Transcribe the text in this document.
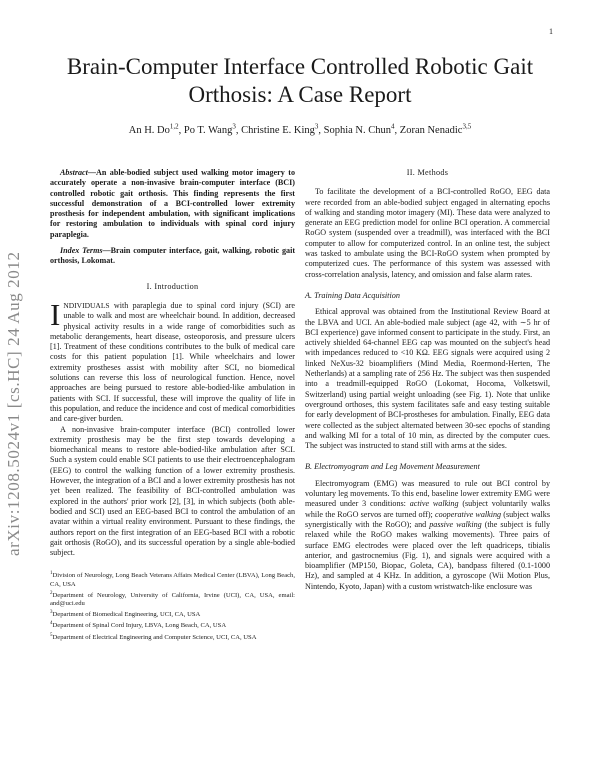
1
arXiv:1208.5024v1 [cs.HC] 24 Aug 2012
Brain-Computer Interface Controlled Robotic Gait
Orthosis: A Case Report
An H. Do$^{1,2}$, Po T. Wang$^3$, Christine E. King$^3$, Sophia N. Chun$^4$, Zoran Nenadic$^{3,5}$

Abstract—An able-bodied subject used walking motor imagery to accurately operate a non-invasive brain-computer interface (BCI) controlled robotic gait orthosis. This finding represents the first successful demonstration of a BCI-controlled lower extremity prosthesis for independent ambulation, with significant implications for restoring ambulation to individuals with spinal cord injury paraplegia.

Index Terms—Brain computer interface, gait, walking, robotic gait orthosis, Lokomat.

I. Introduction

INDIVIDUALS with paraplegia due to spinal cord injury (SCI) are unable to walk and most are wheelchair bound. In addition, decreased physical activity results in a wide range of comorbidities such as metabolic derangements, heart disease, osteoporosis, and pressure ulcers [1]. Treatment of these conditions contributes to the bulk of medical care costs for this patient population [1]. While wheelchairs and lower extremity prostheses assist with mobility after SCI, no biomedical solutions can reverse this loss of neurological function. Hence, novel approaches are being pursued to restore able-bodied-like ambulation in patients with SCI. If successful, these will improve the quality of life in this population, and reduce the incidence and cost of medical comorbidities and care-giver burden.

A non-invasive brain-computer interface (BCI) controlled lower extremity prosthesis may be the first step towards developing a biomechanical means to restore able-bodied-like ambulation after SCI. Such a system could enable SCI patients to use their electroencephalogram (EEG) to control the walking function of a lower extremity prosthesis. However, the integration of a BCI and a lower extremity prosthesis has not yet been realized. The feasibility of BCI-controlled ambulation was explored in the authors' prior work [2], [3], in which subjects (both able-bodied and SCI) used an EEG-based BCI to control the ambulation of an avatar within a virtual reality environment. Pursuant to these findings, the authors report on the first integration of an EEG-based BCI with a robotic gait orthosis (RoGO), and its successful operation by a single able-bodied subject.

$^1$Division of Neurology, Long Beach Veterans Affairs Medical Center (LBVA), Long Beach, CA, USA

$^2$Department of Neurology, University of California, Irvine (UCI), CA, USA, email: and@uci.edu

$^3$Department of Biomedical Engineering, UCI, CA, USA

$^4$Department of Spinal Cord Injury, LBVA, Long Beach, CA, USA

$^5$Department of Electrical Engineering and Computer Science, UCI, CA, USA

II. Methods

To facilitate the development of a BCI-controlled RoGO, EEG data were recorded from an able-bodied subject engaged in alternating epochs of walking and standing motor imagery (MI). These data were analyzed to generate an EEG prediction model for online BCI operation. A commercial RoGO system (suspended over a treadmill), was interfaced with the BCI computer to allow for computerized control. In an online test, the subject was tasked to ambulate using the BCI-RoGO system when prompted by computerized cues. The performance of this system was assessed with cross-correlation analysis, latency, and omission and false alarm rates.

A. Training Data Acquisition

Ethical approval was obtained from the Institutional Review Board at the LBVA and UCI. An able-bodied male subject (age 42, with ∼5 hr of BCI experience) gave informed consent to participate in the study. First, an actively shielded 64-channel EEG cap was mounted on the subject's head with impedances reduced to <10 KΩ. EEG signals were acquired using 2 linked NeXus-32 bioamplifiers (Mind Media, Roermond-Herten, The Netherlands) at a sampling rate of 256 Hz. The subject was then suspended into a treadmill-equipped RoGO (Lokomat, Hocoma, Volketswil, Switzerland) using partial weight unloading (see Fig. 1). Note that unlike overground orthoses, this system facilitates safe and easy testing suitable for early development of BCI-prostheses for ambulation. Finally, EEG data were collected as the subject alternated between 30-sec epochs of standing and walking MI for a total of 10 min, as directed by the computer cues. The subject was instructed to stand still with arms at the sides.

B. Electromyogram and Leg Movement Measurement

Electromyogram (EMG) was measured to rule out BCI control by voluntary leg movements. To this end, baseline lower extremity EMG were measured under 3 conditions: active walking (subject voluntarily walks while the RoGO servos are turned off); cooperative walking (subject walks synergistically with the RoGO); and passive walking (the subject is fully relaxed while the RoGO makes walking movements). Three pairs of surface EMG electrodes were placed over the left quadriceps, tibialis anterior, and gastrocnemius (Fig. 1), and signals were acquired with a bioamplifier (MP150, Biopac, Goleta, CA), bandpass filtered (0.1-1000 Hz), and sampled at 4 KHz. In addition, a gyroscope (Wii Motion Plus, Nintendo, Kyoto, Japan) with a custom wristwatch-like enclosure was
